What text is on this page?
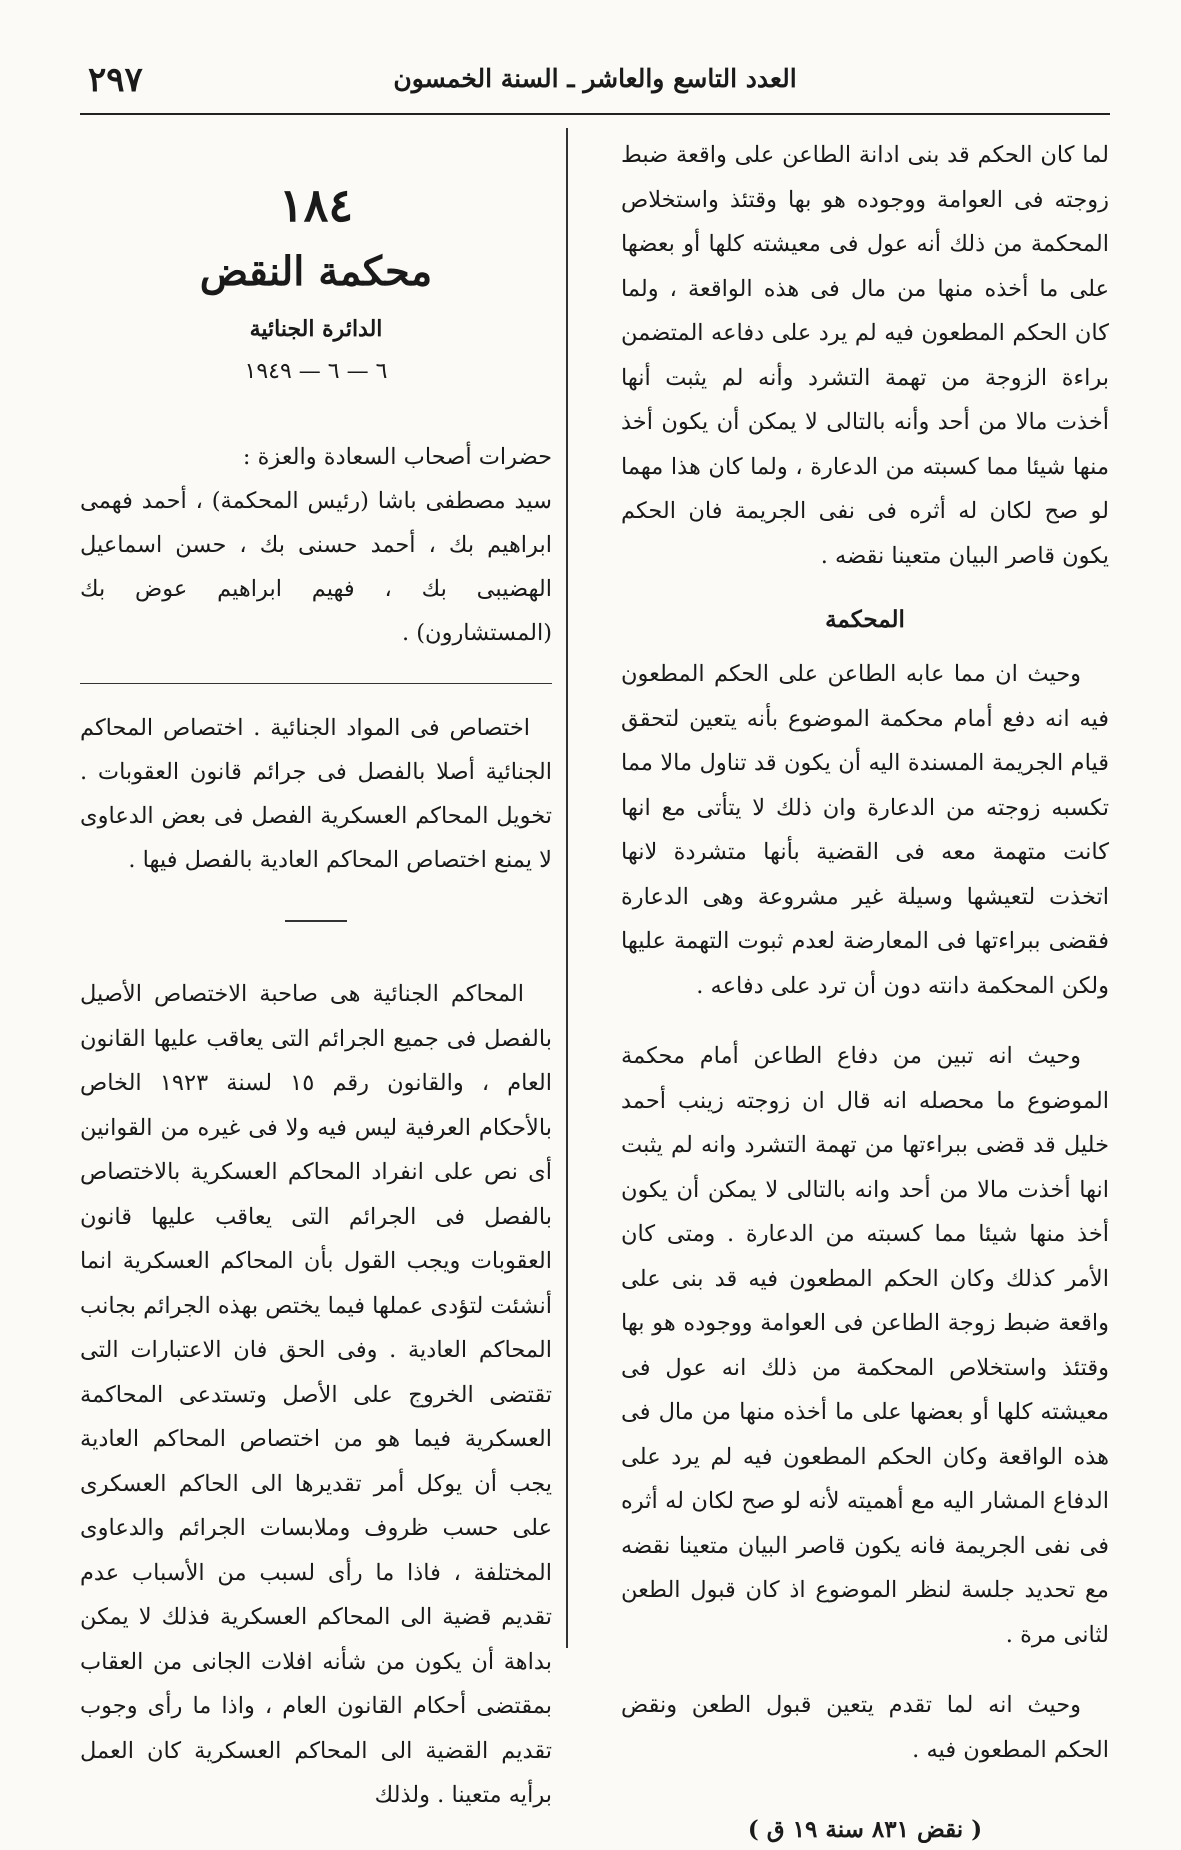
العدد التاسع والعاشر ـ السنة الخمسون
٢٩٧

لما كان الحكم قد بنى ادانة الطاعن على واقعة ضبط زوجته فى العوامة ووجوده هو بها وقتئذ واستخلاص المحكمة من ذلك أنه عول فى معيشته كلها أو بعضها على ما أخذه منها من مال فى هذه الواقعة ، ولما كان الحكم المطعون فيه لم يرد على دفاعه المتضمن براءة الزوجة من تهمة التشرد وأنه لم يثبت أنها أخذت مالا من أحد وأنه بالتالى لا يمكن أن يكون أخذ منها شيئا مما كسبته من الدعارة ، ولما كان هذا مهما لو صح لكان له أثره فى نفى الجريمة فان الحكم يكون قاصر البيان متعينا نقضه .

المحكمة

وحيث ان مما عابه الطاعن على الحكم المطعون فيه انه دفع أمام محكمة الموضوع بأنه يتعين لتحقق قيام الجريمة المسندة اليه أن يكون قد تناول مالا مما تكسبه زوجته من الدعارة وان ذلك لا يتأتى مع انها كانت متهمة معه فى القضية بأنها متشردة لانها اتخذت لتعيشها وسيلة غير مشروعة وهى الدعارة فقضى ببراءتها فى المعارضة لعدم ثبوت التهمة عليها ولكن المحكمة دانته دون أن ترد على دفاعه .

وحيث انه تبين من دفاع الطاعن أمام محكمة الموضوع ما محصله انه قال ان زوجته زينب أحمد خليل قد قضى ببراءتها من تهمة التشرد وانه لم يثبت انها أخذت مالا من أحد وانه بالتالى لا يمكن أن يكون أخذ منها شيئا مما كسبته من الدعارة . ومتى كان الأمر كذلك وكان الحكم المطعون فيه قد بنى على واقعة ضبط زوجة الطاعن فى العوامة ووجوده هو بها وقتئذ واستخلاص المحكمة من ذلك انه عول فى معيشته كلها أو بعضها على ما أخذه منها من مال فى هذه الواقعة وكان الحكم المطعون فيه لم يرد على الدفاع المشار اليه مع أهميته لأنه لو صح لكان له أثره فى نفى الجريمة فانه يكون قاصر البيان متعينا نقضه مع تحديد جلسة لنظر الموضوع اذ كان قبول الطعن لثانى مرة .

وحيث انه لما تقدم يتعين قبول الطعن ونقض الحكم المطعون فيه .

( نقض ٨٣١ سنة ١٩ ق )
١٨٤
محكمة النقض
الدائرة الجنائية
٦ — ٦ — ١٩٤٩
حضرات أصحاب السعادة والعزة :
سيد مصطفى باشا (رئيس المحكمة) ، أحمد فهمى ابراهيم بك ، أحمد حسنى بك ، حسن اسماعيل الهضيبى بك ، فهيم ابراهيم عوض بك (المستشارون) .

اختصاص فى المواد الجنائية . اختصاص المحاكم الجنائية أصلا بالفصل فى جرائم قانون العقوبات . تخويل المحاكم العسكرية الفصل فى بعض الدعاوى لا يمنع اختصاص المحاكم العادية بالفصل فيها .

المحاكم الجنائية هى صاحبة الاختصاص الأصيل بالفصل فى جميع الجرائم التى يعاقب عليها القانون العام ، والقانون رقم ١٥ لسنة ١٩٢٣ الخاص بالأحكام العرفية ليس فيه ولا فى غيره من القوانين أى نص على انفراد المحاكم العسكرية بالاختصاص بالفصل فى الجرائم التى يعاقب عليها قانون العقوبات ويجب القول بأن المحاكم العسكرية انما أنشئت لتؤدى عملها فيما يختص بهذه الجرائم بجانب المحاكم العادية . وفى الحق فان الاعتبارات التى تقتضى الخروج على الأصل وتستدعى المحاكمة العسكرية فيما هو من اختصاص المحاكم العادية يجب أن يوكل أمر تقديرها الى الحاكم العسكرى على حسب ظروف وملابسات الجرائم والدعاوى المختلفة ، فاذا ما رأى لسبب من الأسباب عدم تقديم قضية الى المحاكم العسكرية فذلك لا يمكن بداهة أن يكون من شأنه افلات الجانى من العقاب بمقتضى أحكام القانون العام ، واذا ما رأى وجوب تقديم القضية الى المحاكم العسكرية كان العمل برأيه متعينا . ولذلك
